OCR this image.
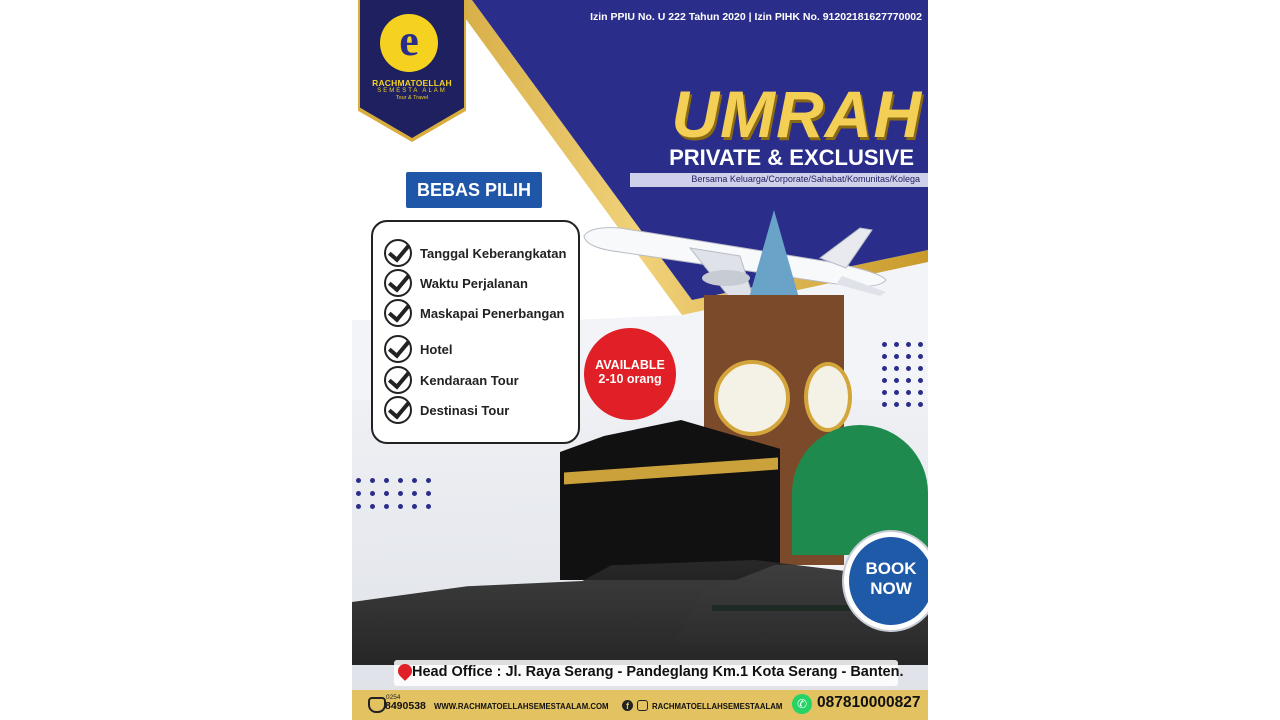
e
RACHMATOELLAH
SEMESTA ALAM
Tour & Travel
Izin PPIU No. U 222 Tahun 2020 | Izin PIHK No. 91202181627770002
UMRAH
PRIVATE & EXCLUSIVE
Bersama Keluarga/Corporate/Sahabat/Komunitas/Kolega
BEBAS PILIH
Tanggal Keberangkatan
Waktu Perjalanan
Maskapai Penerbangan
Hotel
Kendaraan Tour
Destinasi Tour
AVAILABLE
2-10 orang
BOOK
NOW
Head Office : Jl. Raya Serang - Pandeglang Km.1 Kota Serang - Banten.
0254
8490538 WWW.RACHMATOELLAHSEMESTAALAM.COM	f	RACHMATOELLAHSEMESTAALAM	✆ 087810000827
